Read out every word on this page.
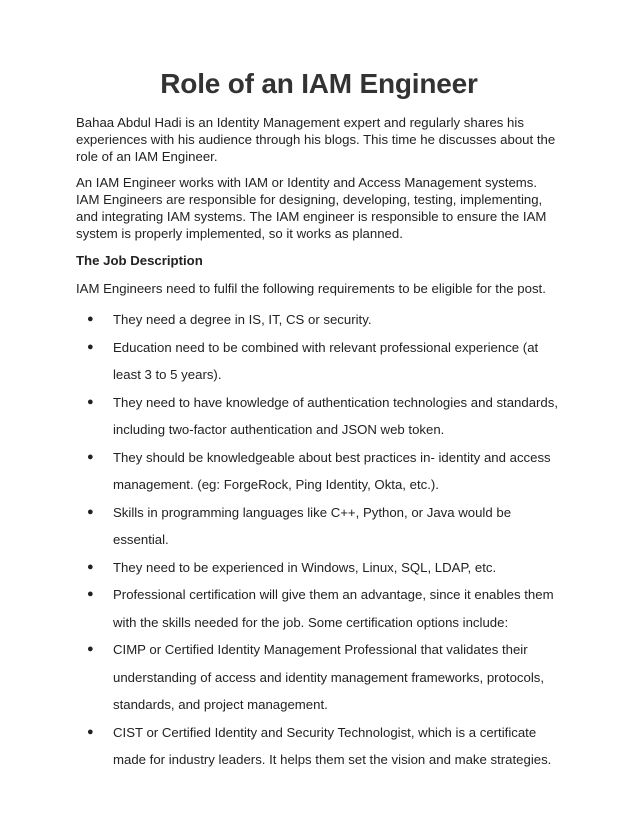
Role of an IAM Engineer
Bahaa Abdul Hadi is an Identity Management expert and regularly shares his experiences with his audience through his blogs. This time he discusses about the role of an IAM Engineer.
An IAM Engineer works with IAM or Identity and Access Management systems. IAM Engineers are responsible for designing, developing, testing, implementing, and integrating IAM systems. The IAM engineer is responsible to ensure the IAM system is properly implemented, so it works as planned.
The Job Description
IAM Engineers need to fulfil the following requirements to be eligible for the post.
● They need a degree in IS, IT, CS or security.
● Education need to be combined with relevant professional experience (at least 3 to 5 years).
● They need to have knowledge of authentication technologies and standards, including two-factor authentication and JSON web token.
● They should be knowledgeable about best practices in- identity and access management. (eg: ForgeRock, Ping Identity, Okta, etc.).
● Skills in programming languages like C++, Python, or Java would be essential.
● They need to be experienced in Windows, Linux, SQL, LDAP, etc.
● Professional certification will give them an advantage, since it enables them with the skills needed for the job. Some certification options include:
● CIMP or Certified Identity Management Professional that validates their understanding of access and identity management frameworks, protocols, standards, and project management.
● CIST or Certified Identity and Security Technologist, which is a certificate made for industry leaders. It helps them set the vision and make strategies.
